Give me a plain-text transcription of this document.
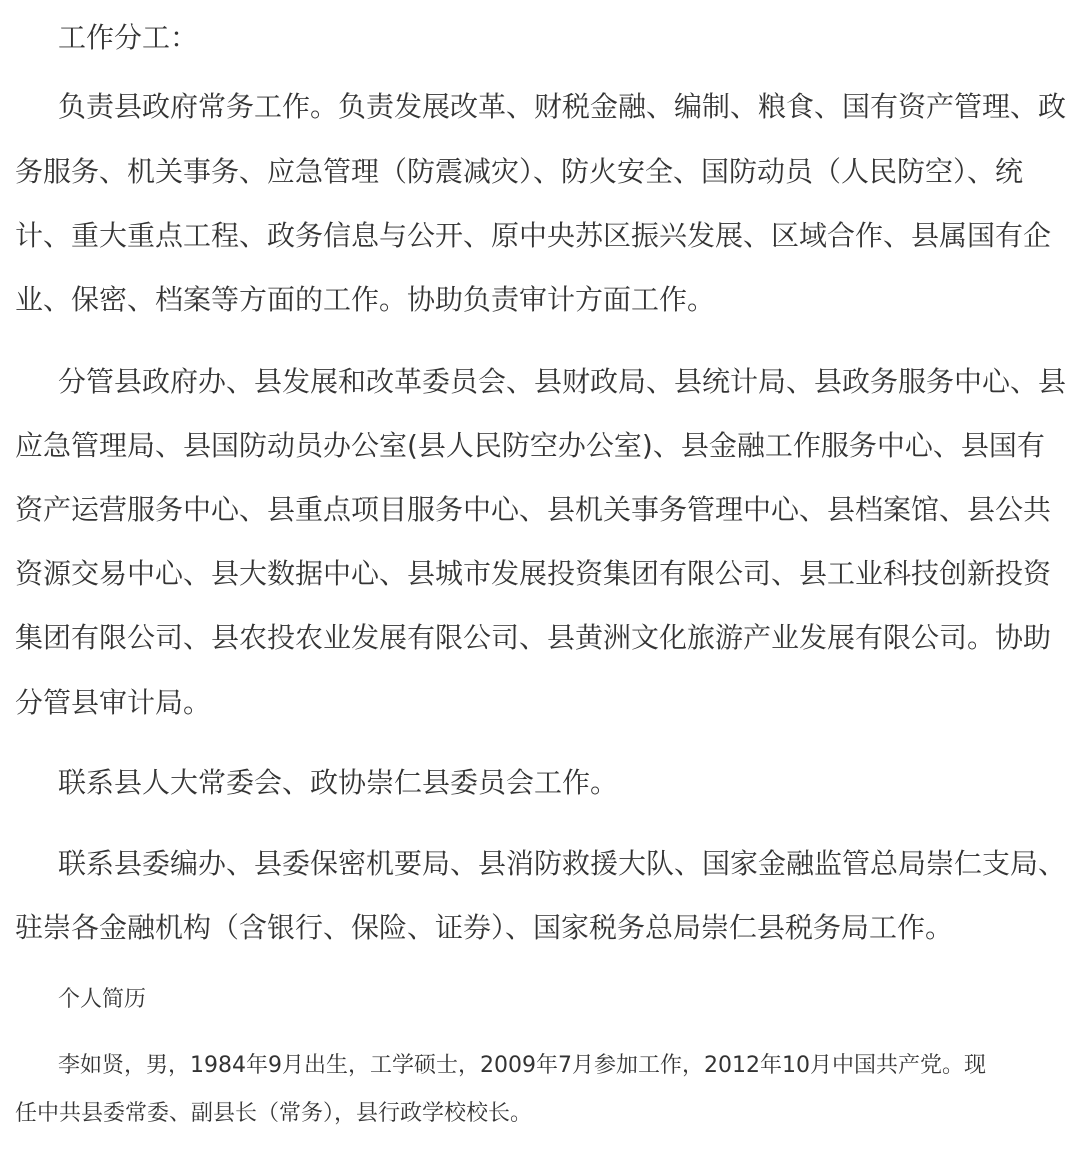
工作分工：

负责县政府常务工作。负责发展改革、财税金融、编制、粮食、国有资产管理、政

务服务、机关事务、应急管理（防震减灾）、防火安全、国防动员（人民防空）、统

计、重大重点工程、政务信息与公开、原中央苏区振兴发展、区域合作、县属国有企

业、保密、档案等方面的工作。协助负责审计方面工作。

分管县政府办、县发展和改革委员会、县财政局、县统计局、县政务服务中心、县

应急管理局、县国防动员办公室(县人民防空办公室)、县金融工作服务中心、县国有

资产运营服务中心、县重点项目服务中心、县机关事务管理中心、县档案馆、县公共

资源交易中心、县大数据中心、县城市发展投资集团有限公司、县工业科技创新投资

集团有限公司、县农投农业发展有限公司、县黄洲文化旅游产业发展有限公司。协助

分管县审计局。

联系县人大常委会、政协崇仁县委员会工作。

联系县委编办、县委保密机要局、县消防救援大队、国家金融监管总局崇仁支局、

驻崇各金融机构（含银行、保险、证券）、国家税务总局崇仁县税务局工作。

个人简历

李如贤，男，1984年9月出生，工学硕士，2009年7月参加工作，2012年10月中国共产党。现

任中共县委常委、副县长（常务），县行政学校校长。
